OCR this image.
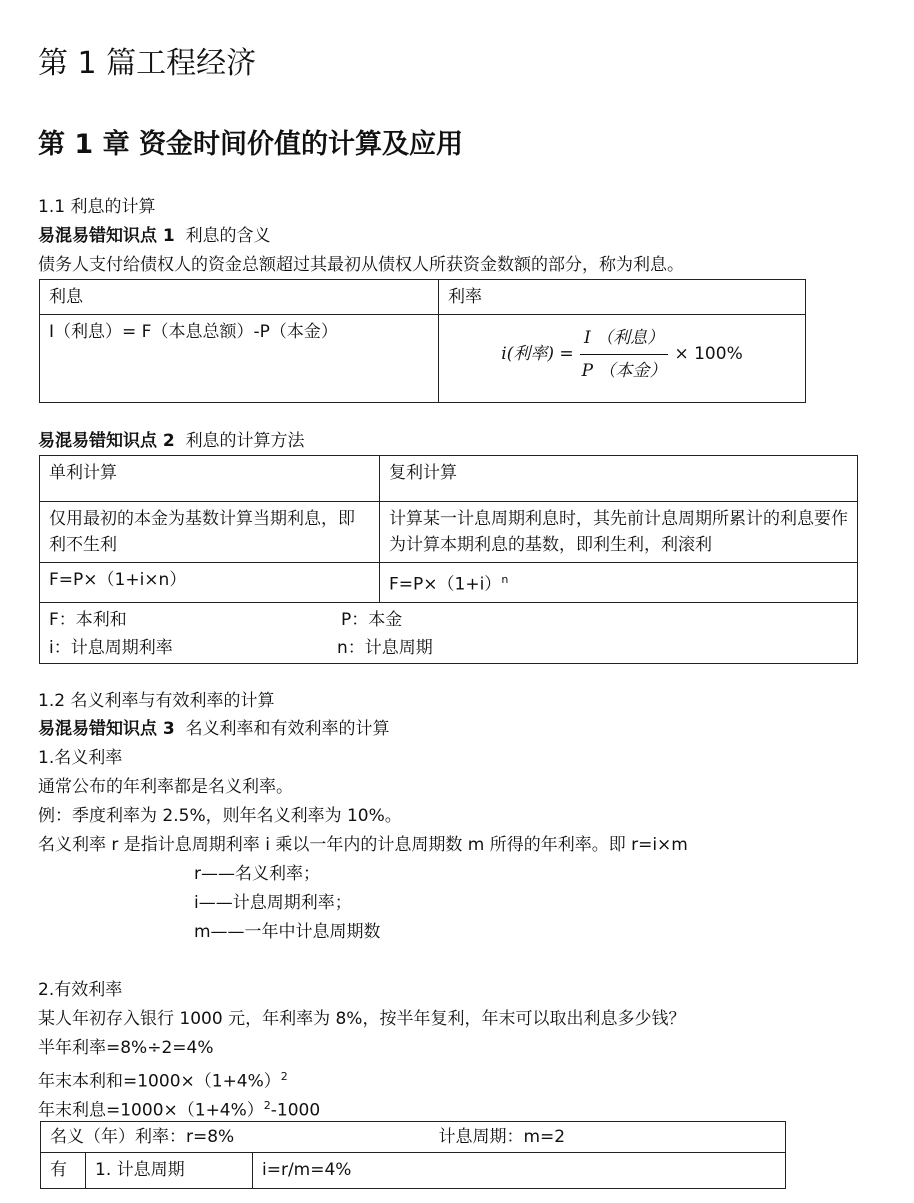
第 1 篇工程经济
第 1 章 资金时间价值的计算及应用
1.1 利息的计算
易混易错知识点 1 利息的含义
债务人支付给债权人的资金总额超过其最初从债权人所获资金数额的部分，称为利息。
利息	利率
I（利息）= F（本息总额）-P（本金）	i(利率) = $\frac{\text{I （利息）}}{\text{P （本金）}} \times 100\%$
易混易错知识点 2 利息的计算方法
单利计算	复利计算
仅用最初的本金为基数计算当期利息，即利不生利	计算某一计息周期利息时，其先前计息周期所累计的利息要作为计算本期利息的基数，即利生利，利滚利
F=P×（1+i×n）	$F=P\times(1+i)^n$

F：本利和 P：本金
i：计息周期利率 n：计息周期	
1.2 名义利率与有效利率的计算
易混易错知识点 3 名义利率和有效利率的计算
1.名义利率
通常公布的年利率都是名义利率。
例：季度利率为 2.5%，则年名义利率为 10%。
名义利率 r 是指计息周期利率 i 乘以一年内的计息周期数 m 所得的年利率。即 r=i×m
r——名义利率；
i——计息周期利率；
m——一年中计息周期数
2.有效利率
某人年初存入银行 1000 元，年利率为 8%，按半年复利，年末可以取出利息多少钱？
半年利率=8%÷2=4%
年末本利和$=1000\times(1+4\%)^2$
年末利息$=1000\times(1+4\%)^2-1000$
名义（年）利率：r=8%	计息周期：m=2

有	1. 计息周期	i=r/m=4%
